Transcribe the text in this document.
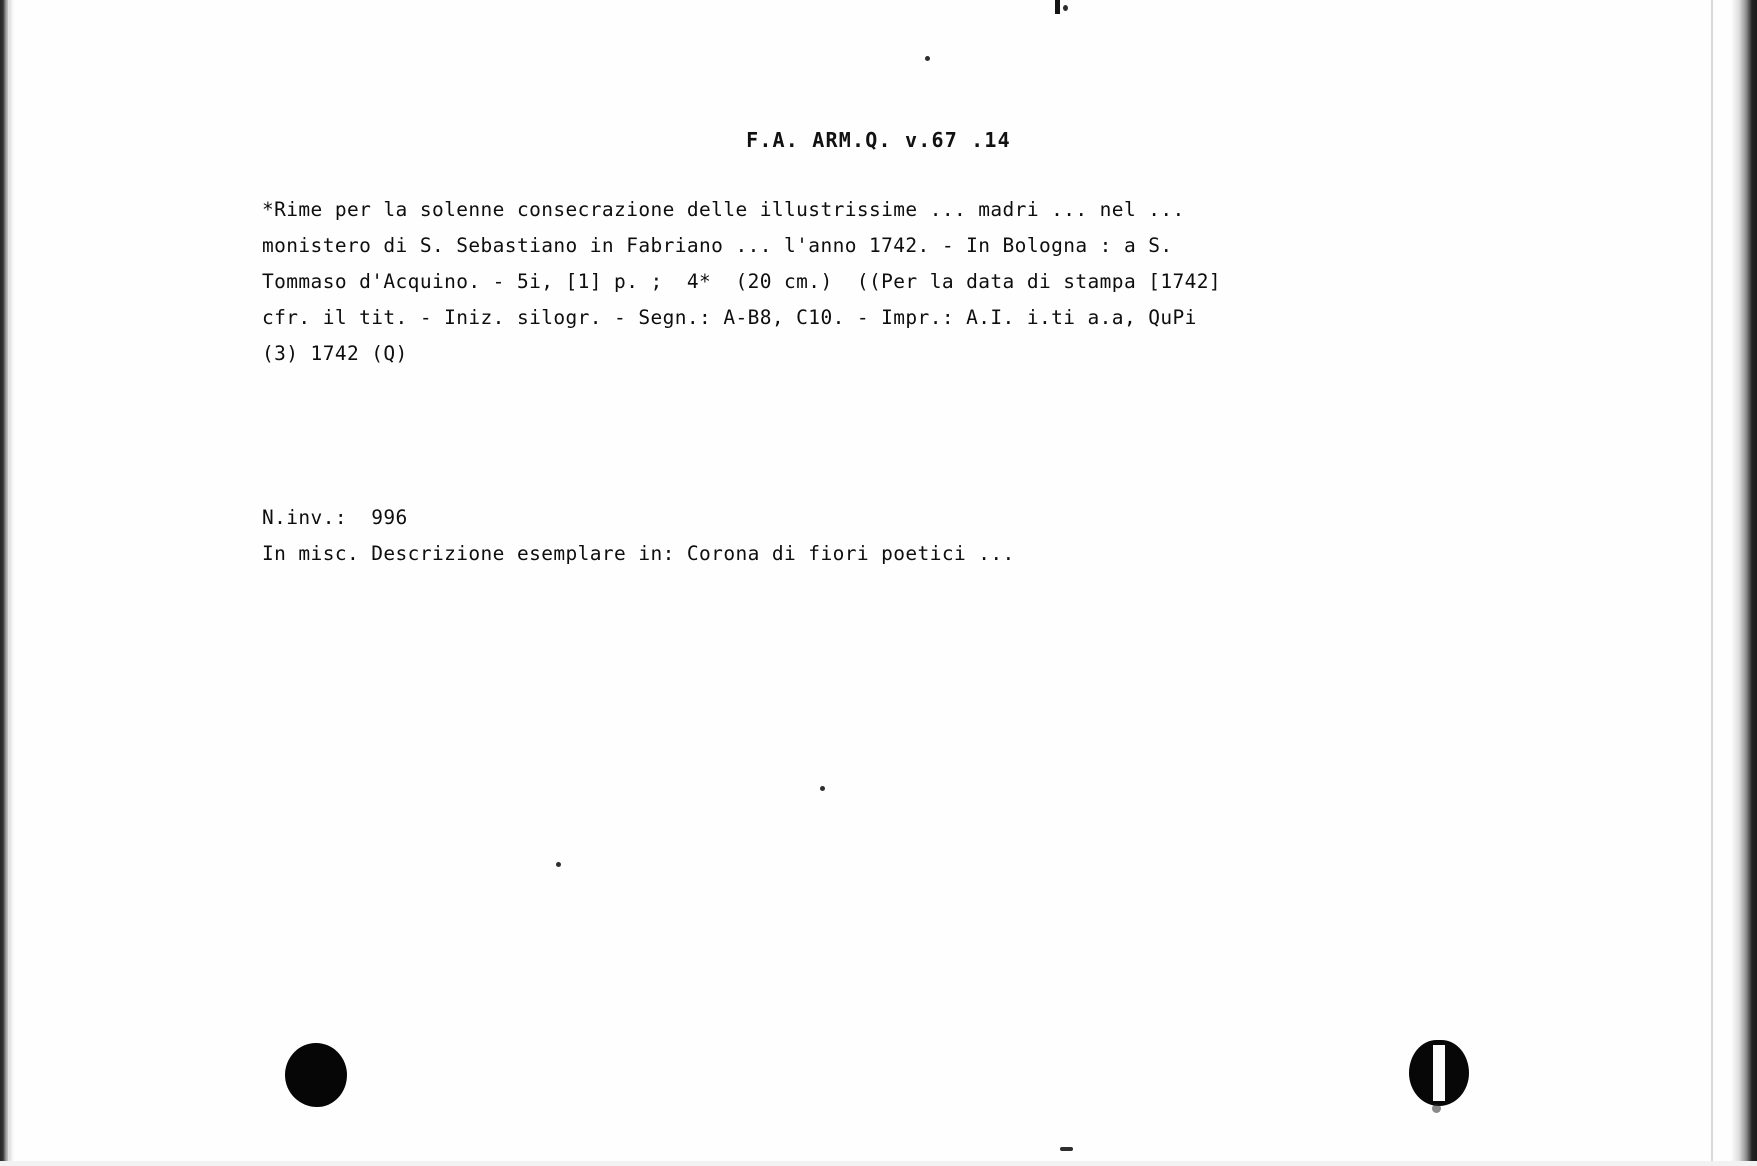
F.A. ARM.Q. v.67 .14
*Rime per la solenne consecrazione delle illustrissime ... madri ... nel ...
monistero di S. Sebastiano in Fabriano ... l'anno 1742. - In Bologna : a S.
Tommaso d'Acquino. - 5i, [1] p. ;  4*  (20 cm.)  ((Per la data di stampa [1742]
cfr. il tit. - Iniz. silogr. - Segn.: A-B8, C10. - Impr.: A.I. i.ti a.a, QuPi
(3) 1742 (Q)
N.inv.:  996
In misc. Descrizione esemplare in: Corona di fiori poetici ...
